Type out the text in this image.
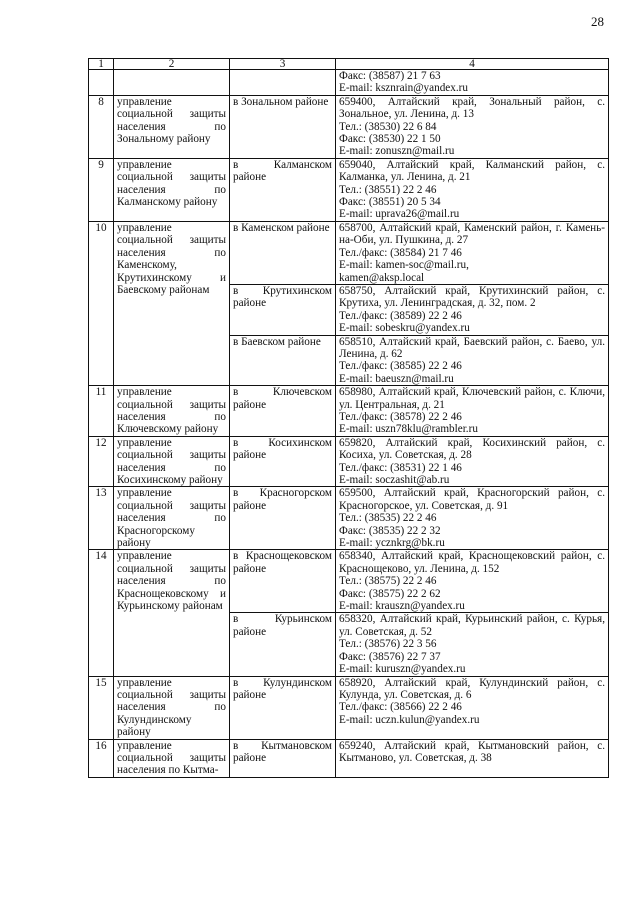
28
1	2	3	4

			Факс: (38587) 21 7 63
E-mail: ksznrain@yandex.ru

8	управление социальной защиты населения по Зональному району	в Зональном районе	659400, Алтайский край, Зональный район, с. Зональное, ул. Ленина, д. 13
Тел.: (38530) 22 6 84
Факс: (38530) 22 1 50
E-mail: zonuszn@mail.ru

9	управление социальной защиты населения по Калманскому району	в Калманском районе	659040, Алтайский край, Калманский район, с. Калманка, ул. Ленина, д. 21
Тел.: (38551) 22 2 46
Факс: (38551) 20 5 34
E-mail: uprava26@mail.ru

10	управление социальной защиты населения по Каменскому, Крутихинскому и Баевскому районам	в Каменском районе	658700, Алтайский край, Каменский район, г. Камень-на-Оби, ул. Пушкина, д. 27
Тел./факс: (38584) 21 7 46
E-mail: kamen-soc@mail.ru,
kamen@aksp.local

		в Крутихинском районе	658750, Алтайский край, Крутихинский район, с. Крутиха, ул. Ленинградская, д. 32, пом. 2
Тел./факс: (38589) 22 2 46
E-mail: sobeskru@yandex.ru

		в Баевском районе	658510, Алтайский край, Баевский район, с. Баево, ул. Ленина, д. 62
Тел./факс: (38585) 22 2 46
E-mail: baeuszn@mail.ru

11	управление социальной защиты населения по Ключевскому району	в Ключевском районе	658980, Алтайский край, Ключевский район, с. Ключи, ул. Центральная, д. 21
Тел./факс: (38578) 22 2 46
E-mail: uszn78klu@rambler.ru

12	управление социальной защиты населения по Косихинскому району	в Косихинском районе	659820, Алтайский край, Косихинский район, с. Косиха, ул. Советская, д. 28
Тел./факс: (38531) 22 1 46
E-mail: soczashit@ab.ru

13	управление социальной защиты населения по Красногорскому району	в Красногорском районе	659500, Алтайский край, Красногорский район, с. Красногорское, ул. Советская, д. 91
Тел.: (38535) 22 2 46
Факс: (38535) 22 2 32
E-mail: ycznkrg@bk.ru

14	управление социальной защиты населения по Краснощековскому и Курьинскому районам	в Краснощековском районе	658340, Алтайский край, Краснощековский район, с. Краснощеково, ул. Ленина, д. 152
Тел.: (38575) 22 2 46
Факс: (38575) 22 2 62
E-mail: krauszn@yandex.ru

		в Курьинском районе	658320, Алтайский край, Курьинский район, с. Курья, ул. Советская, д. 52
Тел.: (38576) 22 3 56
Факс: (38576) 22 7 37
E-mail: kuruszn@yandex.ru

15	управление социальной защиты населения по Кулундинскому району	в Кулундинском районе	658920, Алтайский край, Кулундинский район, с. Кулунда, ул. Советская, д. 6
Тел./факс: (38566) 22 2 46
E-mail: uczn.kulun@yandex.ru

16	управление социальной защиты населения по Кытма-	в Кытмановском районе	659240, Алтайский край, Кытмановский район, с. Кытманово, ул. Советская, д. 38
